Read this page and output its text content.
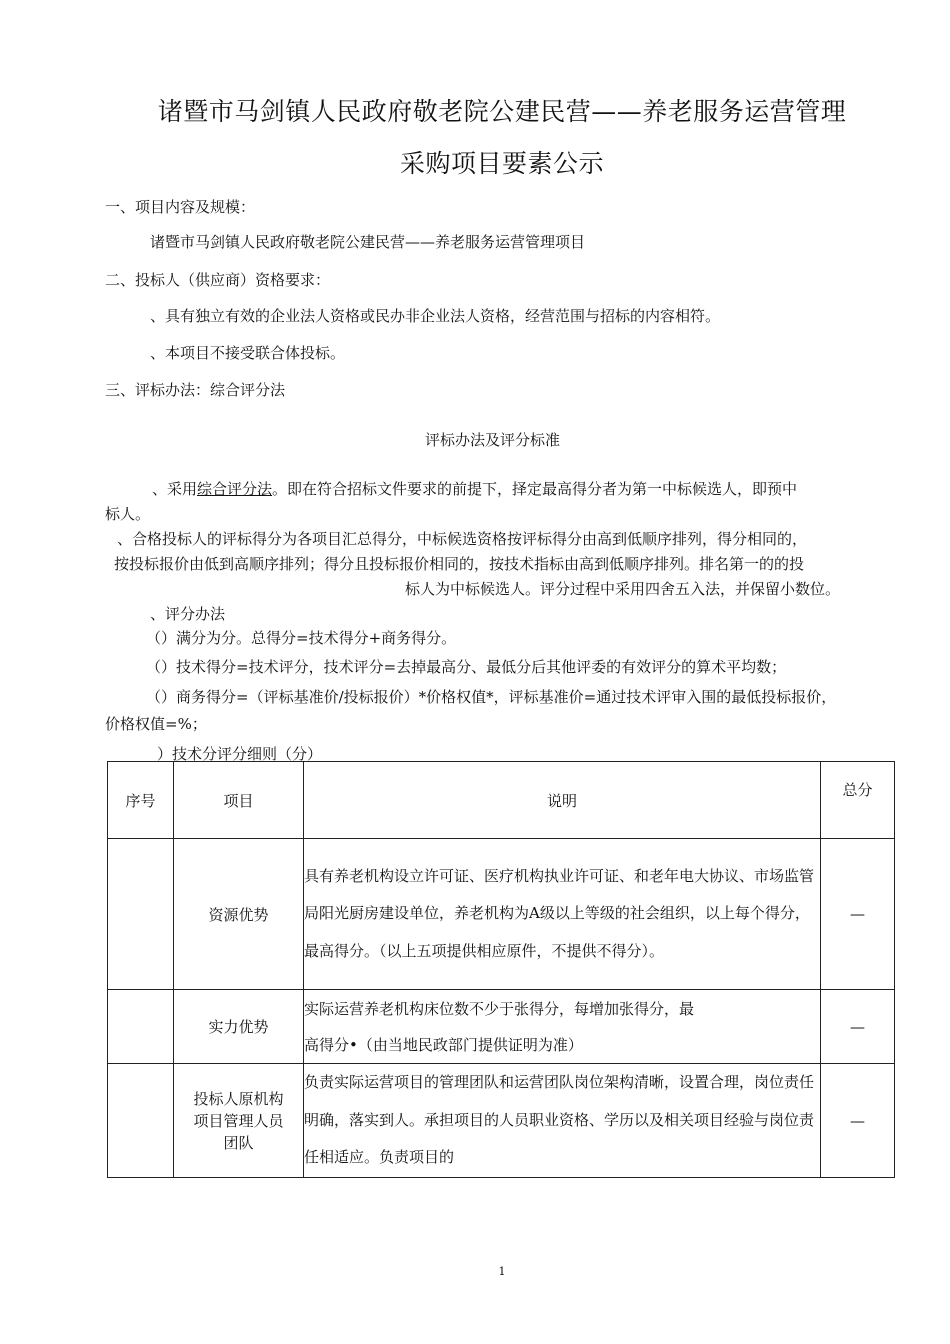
诸暨市马剑镇人民政府敬老院公建民营——养老服务运营管理
采购项目要素公示
一、项目内容及规模：
诸暨市马剑镇人民政府敬老院公建民营——养老服务运营管理项目
二、投标人（供应商）资格要求：
、具有独立有效的企业法人资格或民办非企业法人资格，经营范围与招标的内容相符。
、本项目不接受联合体投标。
三、评标办法：综合评分法
评标办法及评分标准
、采用综合评分法。即在符合招标文件要求的前提下，择定最高得分者为第一中标候选人，即预中
标人。
、合格投标人的评标得分为各项目汇总得分，中标候选资格按评标得分由高到低顺序排列，得分相同的，
按投标报价由低到高顺序排列；得分且投标报价相同的，按技术指标由高到低顺序排列。排名第一的的投
标人为中标候选人。评分过程中采用四舍五入法，并保留小数位。
、评分办法
（）满分为分。总得分=技术得分+商务得分。
（）技术得分=技术评分，技术评分=去掉最高分、最低分后其他评委的有效评分的算术平均数；
（）商务得分=（评标基准价/投标报价）*价格权值*，评标基准价=通过技术评审入围的最低投标报价，
价格权值=%；
）技术分评分细则（分）
序号	项目	说明	总分
	资源优势	具有养老机构设立许可证、医疗机构执业许可证、和老年电大协议、市场监管局阳光厨房建设单位，养老机构为A级以上等级的社会组织，以上每个得分，最高得分。（以上五项提供相应原件，不提供不得分）。	—
	实力优势	实际运营养老机构床位数不少于张得分，每增加张得分，最
高得分•（由当地民政部门提供证明为准）	—

	投标人原机构
项目管理人员
团队	负责实际运营项目的管理团队和运营团队岗位架构清晰，设置合理，岗位责任明确，落实到人。承担项目的人员职业资格、学历以及相关项目经验与岗位责任相适应。负责项目的	—
1
